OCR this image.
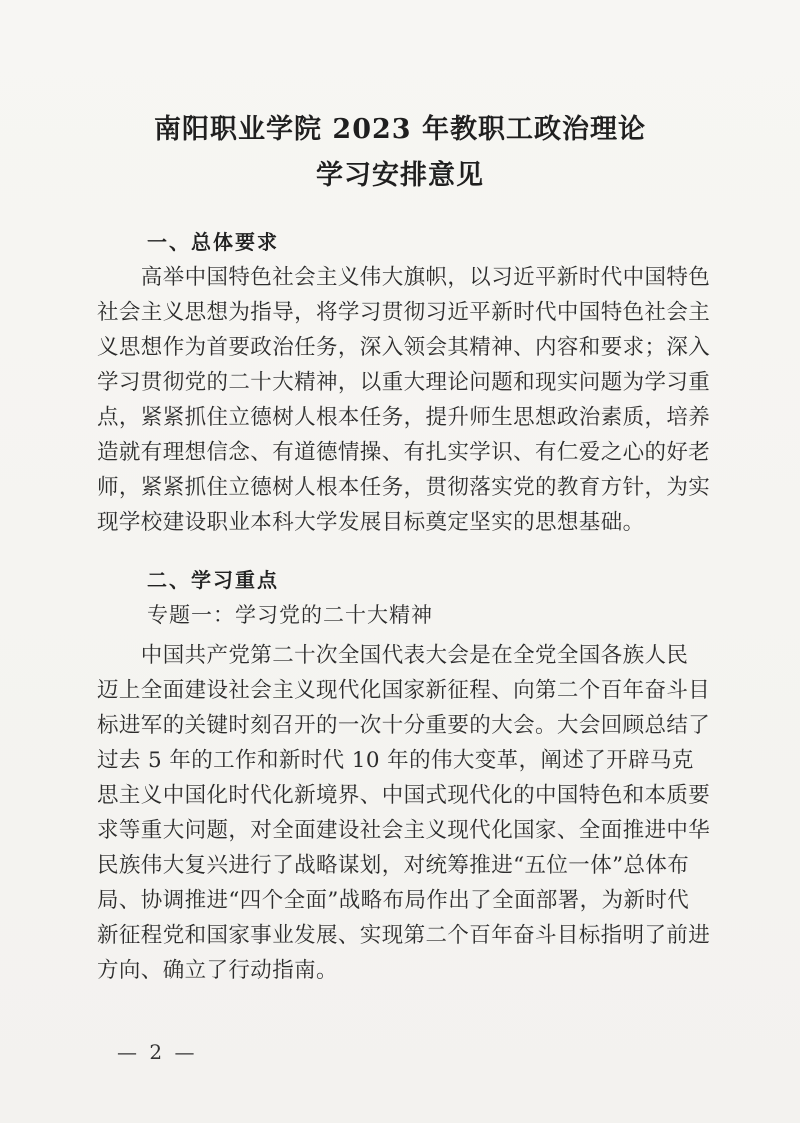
南阳职业学院 2023 年教职工政治理论
学习安排意见
一、总体要求
　　高举中国特色社会主义伟大旗帜，以习近平新时代中国特色
社会主义思想为指导，将学习贯彻习近平新时代中国特色社会主
义思想作为首要政治任务，深入领会其精神、内容和要求；深入
学习贯彻党的二十大精神，以重大理论问题和现实问题为学习重
点，紧紧抓住立德树人根本任务，提升师生思想政治素质，培养
造就有理想信念、有道德情操、有扎实学识、有仁爱之心的好老
师，紧紧抓住立德树人根本任务，贯彻落实党的教育方针，为实
现学校建设职业本科大学发展目标奠定坚实的思想基础。
二、学习重点
专题一：学习党的二十大精神
　　中国共产党第二十次全国代表大会是在全党全国各族人民
迈上全面建设社会主义现代化国家新征程、向第二个百年奋斗目
标进军的关键时刻召开的一次十分重要的大会。大会回顾总结了
过去 5 年的工作和新时代 10 年的伟大变革，阐述了开辟马克
思主义中国化时代化新境界、中国式现代化的中国特色和本质要
求等重大问题，对全面建设社会主义现代化国家、全面推进中华
民族伟大复兴进行了战略谋划，对统筹推进“五位一体”总体布
局、协调推进“四个全面”战略布局作出了全面部署，为新时代
新征程党和国家事业发展、实现第二个百年奋斗目标指明了前进
方向、确立了行动指南。
— 2 —
